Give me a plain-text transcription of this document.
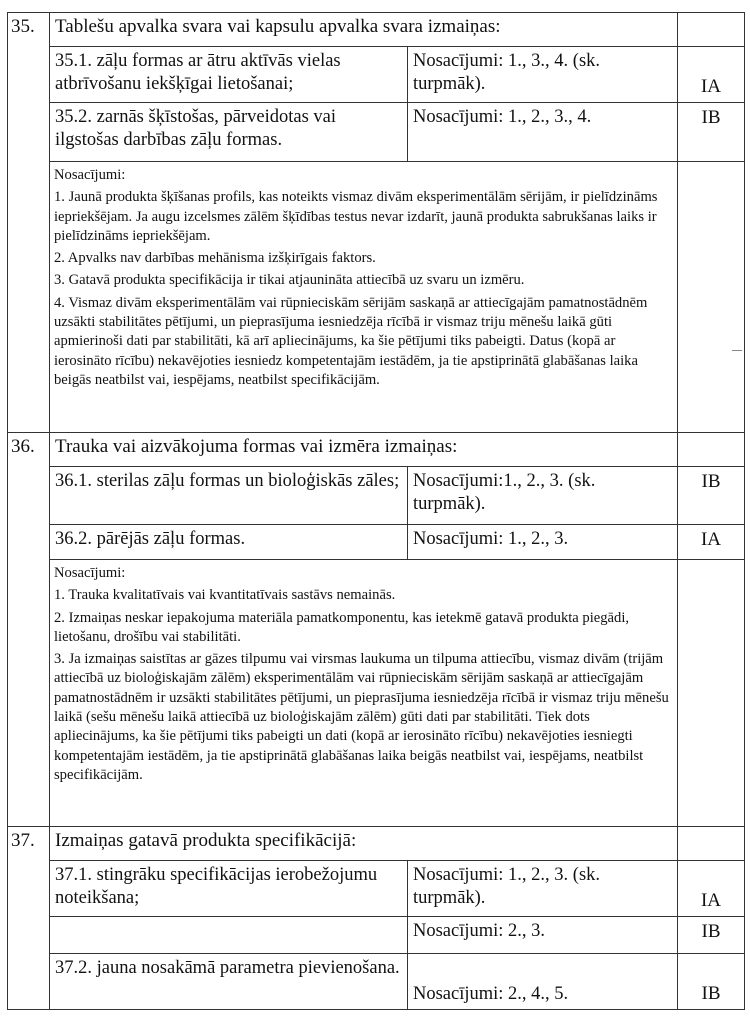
35.	Tablešu apvalka svara vai kapsulu apvalka svara izmaiņas:		
	35.1. zāļu formas ar ātru aktīvās vielas atbrīvošanu iekšķīgai lietošanai;	Nosacījumi: 1., 3., 4. (sk. turpmāk).	IA
	35.2. zarnās šķīstošas, pārveidotas vai ilgstošas darbības zāļu formas.	Nosacījumi: 1., 2., 3., 4.	IB

	Nosacījumi:

1. Jaunā produkta šķīšanas profils, kas noteikts vismaz divām eksperimentālām sērijām, ir pielīdzināms iepriekšējam. Ja augu izcelsmes zālēm šķīdības testus nevar izdarīt, jaunā produkta sabrukšanas laiks ir pielīdzināms iepriekšējam.

2. Apvalks nav darbības mehānisma izšķirīgais faktors.

3. Gatavā produkta specifikācija ir tikai atjaunināta attiecībā uz svaru un izmēru.

4. Vismaz divām eksperimentālām vai rūpnieciskām sērijām saskaņā ar attiecīgajām pamatnostādnēm uzsākti stabilitātes pētījumi, un pieprasījuma iesniedzēja rīcībā ir vismaz triju mēnešu laikā gūti apmierinoši dati par stabilitāti, kā arī apliecinājums, ka šie pētījumi tiks pabeigti. Datus (kopā ar ierosināto rīcību) nekavējoties iesniedz kompetentajām iestādēm, ja tie apstiprinātā glabāšanas laika beigās neatbilst vai, iespējams, neatbilst specifikācijām.		

36.	Trauka vai aizvākojuma formas vai izmēra izmaiņas:		
	36.1. sterilas zāļu formas un bioloģiskās zāles;	Nosacījumi:1., 2., 3. (sk. turpmāk).	IB
	36.2. pārējās zāļu formas.	Nosacījumi: 1., 2., 3.	IA

	Nosacījumi:

1. Trauka kvalitatīvais vai kvantitatīvais sastāvs nemainās.

2. Izmaiņas neskar iepakojuma materiāla pamatkomponentu, kas ietekmē gatavā produkta piegādi, lietošanu, drošību vai stabilitāti.

3. Ja izmaiņas saistītas ar gāzes tilpumu vai virsmas laukuma un tilpuma attiecību, vismaz divām (trijām attiecībā uz bioloģiskajām zālēm) eksperimentālām vai rūpnieciskām sērijām saskaņā ar attiecīgajām pamatnostādnēm ir uzsākti stabilitātes pētījumi, un pieprasījuma iesniedzēja rīcībā ir vismaz triju mēnešu laikā (sešu mēnešu laikā attiecībā uz bioloģiskajām zālēm) gūti dati par stabilitāti. Tiek dots apliecinājums, ka šie pētījumi tiks pabeigti un dati (kopā ar ierosināto rīcību) nekavējoties iesniegti kompetentajām iestādēm, ja tie apstiprinātā glabāšanas laika beigās neatbilst vai, iespējams, neatbilst specifikācijām.		

37.	Izmaiņas gatavā produkta specifikācijā:		
	37.1. stingrāku specifikācijas ierobežojumu noteikšana;	Nosacījumi: 1., 2., 3. (sk. turpmāk).	IA
		Nosacījumi: 2., 3.	IB
	37.2. jauna nosakāmā parametra pievienošana.	Nosacījumi: 2., 4., 5.	IB
